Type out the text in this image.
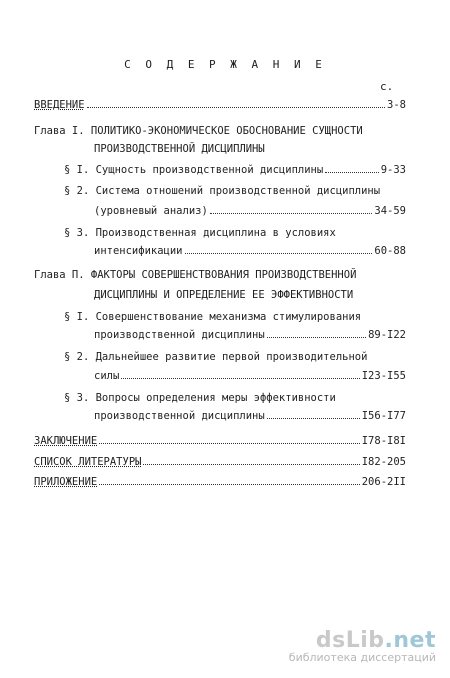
С О Д Е Р Ж А Н И Е
с.
ВВЕДЕНИЕ	3-8
Глава I. ПОЛИТИКО-ЭКОНОМИЧЕСКОЕ ОБОСНОВАНИЕ СУЩНОСТИ
ПРОИЗВОДСТВЕННОЙ ДИСЦИПЛИНЫ
§ I. Сущность производственной дисциплины	9-33
§ 2. Система отношений производственной дисциплины
(уровневый анализ)	34-59
§ 3. Производственная дисциплина в условиях
интенсификации	60-88
Глава П. ФАКТОРЫ СОВЕРШЕНСТВОВАНИЯ ПРОИЗВОДСТВЕННОЙ
ДИСЦИПЛИНЫ И ОПРЕДЕЛЕНИЕ ЕЕ ЭФФЕКТИВНОСТИ
§ I. Совершенствование механизма стимулирования
производственной дисциплины	89-I22
§ 2. Дальнейшее развитие первой производительной
силы	I23-I55
§ 3. Вопросы определения меры эффективности
производственной дисциплины	I56-I77
ЗАКЛЮЧЕНИЕ	I78-I8I
СПИСОК ЛИТЕРАТУРЫ	I82-205
ПРИЛОЖЕНИЕ	206-2II
dsLib.net
библиотека диссертаций
